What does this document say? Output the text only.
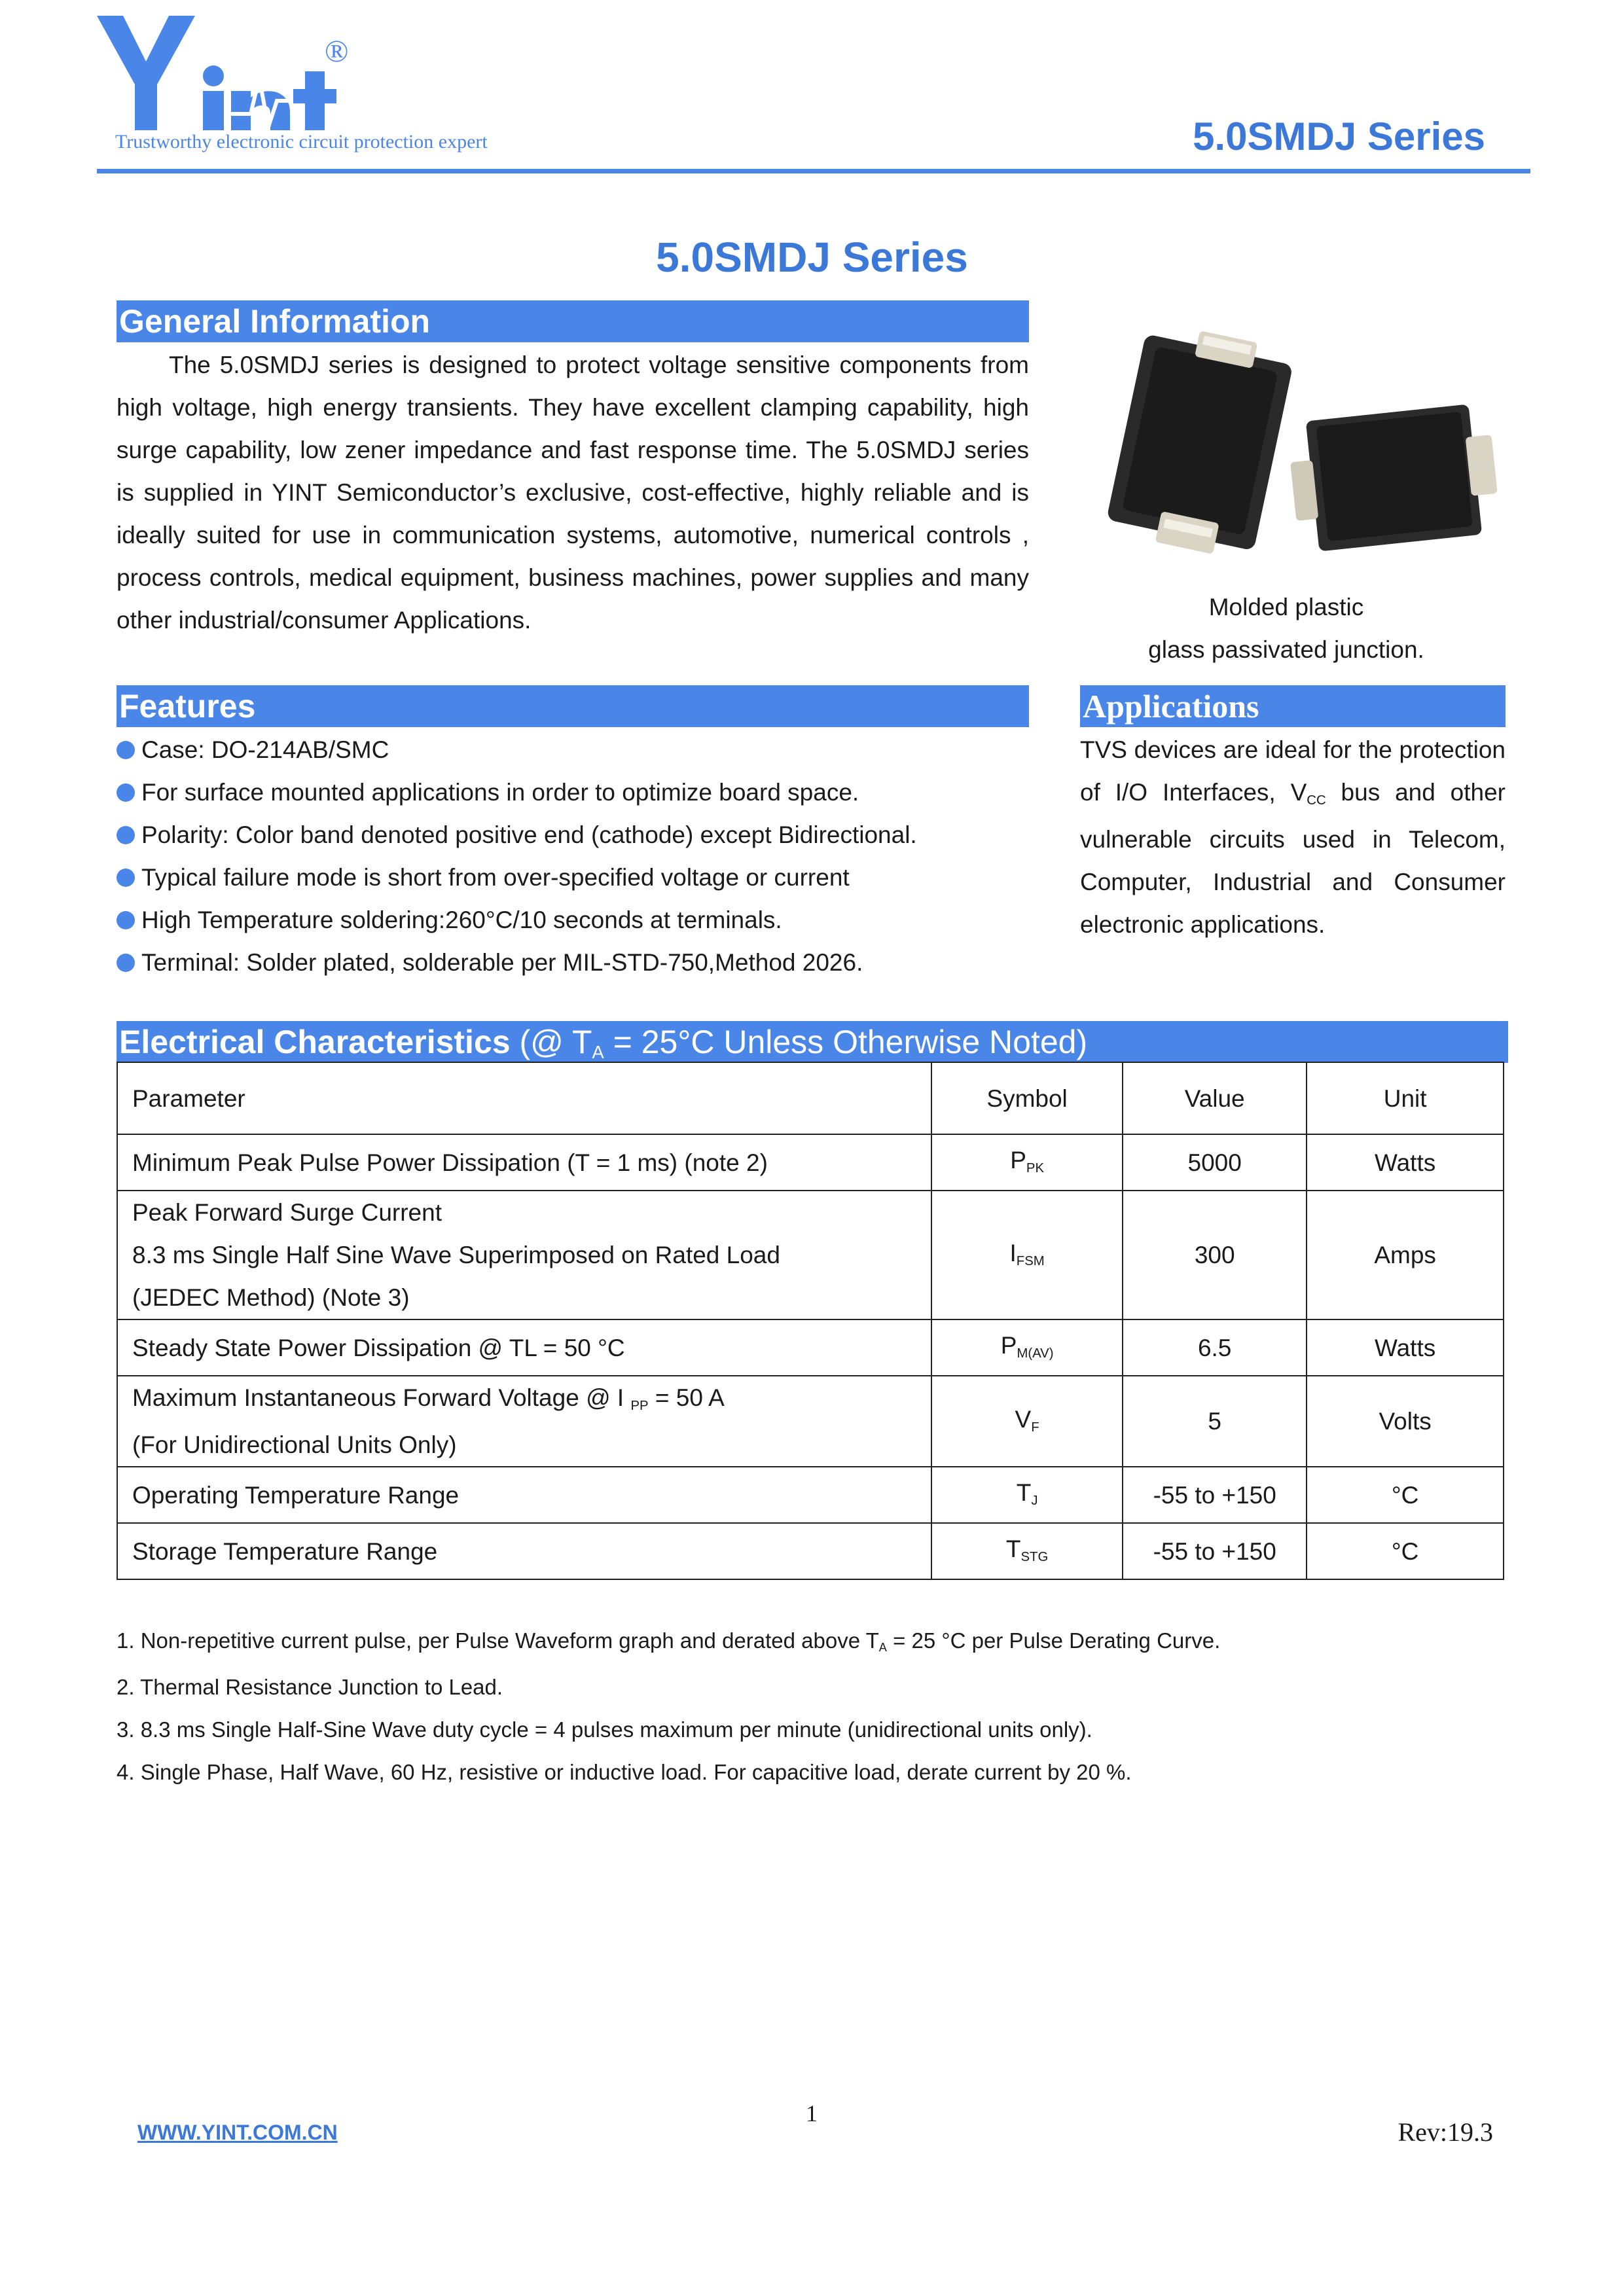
®
Trustworthy electronic circuit protection expert	5.0SMDJ Series
5.0SMDJ Series
General Information
The 5.0SMDJ series is designed to protect voltage sensitive components from high voltage, high energy transients. They have excellent clamping capability, high surge capability, low zener impedance and fast response time. The 5.0SMDJ series is supplied in YINT Semiconductor’s exclusive, cost-effective, highly reliable and is ideally suited for use in communication systems, automotive, numerical controls , process controls, medical equipment, business machines, power supplies and many other industrial/consumer Applications.	Molded plastic
glass passivated junction.
Features
Case: DO-214AB/SMC
For surface mounted applications in order to optimize board space.
Polarity: Color band denoted positive end (cathode) except Bidirectional.
Typical failure mode is short from over-specified voltage or current
High Temperature soldering:260°C/10 seconds at terminals.
Terminal: Solder plated, solderable per MIL-STD-750,Method 2026.
Applications
TVS devices are ideal for the protection of I/O Interfaces, $V_{CC}$ bus and other vulnerable circuits used in Telecom, Computer, Industrial and Consumer electronic applications.
Electrical Characteristics (@ $T_A = 25^\circ C$ Unless Otherwise Noted)
Parameter	Symbol	Value	Unit
Minimum Peak Pulse Power Dissipation (T = 1 ms) (note 2)	$P_{PK}$	5000	Watts

Peak Forward Surge Current
8.3 ms Single Half Sine Wave Superimposed on Rated Load
(JEDEC Method) (Note 3)	$I_{FSM}$	300	Amps
Steady State Power Dissipation @ TL = 50 °C	$P_{M(AV)}$	6.5	Watts

Maximum Instantaneous Forward Voltage @ I $_{PP}$ = 50 A
(For Unidirectional Units Only)	$V_F$	5	Volts
Operating Temperature Range	$T_J$	-55 to +150	°C
Storage Temperature Range	$T_{STG}$	-55 to +150	°C
1. Non-repetitive current pulse, per Pulse Waveform graph and derated above $T_A = 25$ °C per Pulse Derating Curve.
2. Thermal Resistance Junction to Lead.
3. 8.3 ms Single Half-Sine Wave duty cycle = 4 pulses maximum per minute (unidirectional units only).
4. Single Phase, Half Wave, 60 Hz, resistive or inductive load. For capacitive load, derate current by 20 %.
WWW.YINT.COM.CN
1
Rev:19.3
